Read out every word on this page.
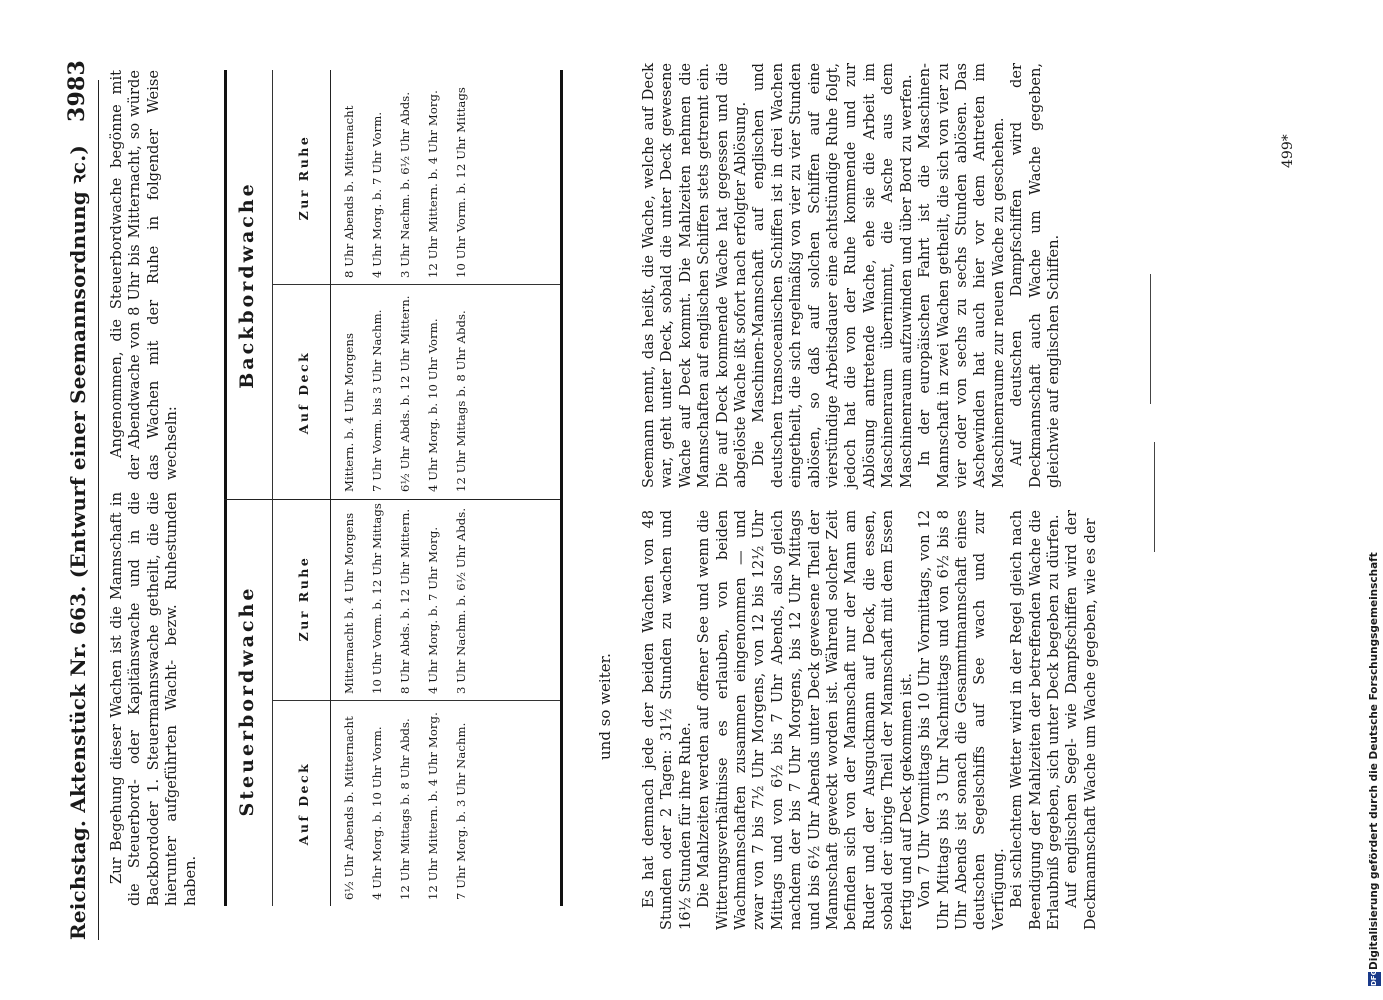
Reichstag. Aktenstück Nr. 663. (Entwurf einer Seemannsordnung ꝛc.)
3983

Zur Begehung dieser Wachen ist die Mannschaft in die Steuerbord- oder Kapitänswache und in die Backbordoder 1. Steuermannswache getheilt, die die hierunter aufgeführten Wacht- bezw. Ruhestunden haben.

Angenommen, die Steuerbordwache begönne mit der Abendwache von 8 Uhr bis Mitternacht, so würde das Wachen mit der Ruhe in folgender Weise wechseln:

Steuerbordwache	Auf Deck
Zur Ruhe
6½ Uhr Abends b. Mitternacht 4 Uhr Morg. b. 10 Uhr Vorm. 12 Uhr Mittags b. 8 Uhr Abds. 12 Uhr Mittern. b. 4 Uhr Morg. 7 Uhr Morg. b. 3 Uhr Nachm.
Mitternacht b. 4 Uhr Morgens 10 Uhr Vorm. b. 12 Uhr Mittags 8 Uhr Abds. b. 12 Uhr Mittern. 4 Uhr Morg. b. 7 Uhr Morg. 3 Uhr Nachm. b. 6½ Uhr Abds.
Backbordwache
Auf Deck
Zur Ruhe
Mittern. b. 4 Uhr Morgens 7 Uhr Vorm. bis 3 Uhr Nachm. 6½ Uhr Abds. b. 12 Uhr Mittern. 4 Uhr Morg. b. 10 Uhr Vorm. 12 Uhr Mittags b. 8 Uhr Abds.
8 Uhr Abends b. Mitternacht 4 Uhr Morg. b. 7 Uhr Vorm. 3 Uhr Nachm. b. 6½ Uhr Abds. 12 Uhr Mittern. b. 4 Uhr Morg. 10 Uhr Vorm. b. 12 Uhr Mittags
und so weiter. Es hat demnach jede der beiden Wachen von 48 Stunden oder 2 Tagen: 31½ Stunden zu wachen und 16½ Stunden für ihre Ruhe. Die Mahlzeiten werden auf offener See und wenn die Witterungsverhältnisse es erlauben, von beiden Wachmannschaften zusammen eingenommen — und zwar von 7 bis 7½ Uhr Morgens, von 12 bis 12½ Uhr Mittags und von 6½ bis 7 Uhr Abends, also gleich nachdem der bis 7 Uhr Morgens, bis 12 Uhr Mittags und bis 6½ Uhr Abends unter Deck gewesene Theil der Mannschaft geweckt worden ist. Während solcher Zeit befinden sich von der Mannschaft nur der Mann am Ruder und der Ausguckmann auf Deck, die essen, sobald der übrige Theil der Mannschaft mit dem Essen fertig und auf Deck gekommen ist. Von 7 Uhr Vormittags bis 10 Uhr Vormittags, von 12 Uhr Mittags bis 3 Uhr Nachmittags und von 6½ bis 8 Uhr Abends ist sonach die Gesammtmannschaft eines deutschen Segelschiffs auf See wach und zur Verfügung. Bei schlechtem Wetter wird in der Regel gleich nach Beendigung der Mahlzeiten der betreffenden Wache die Erlaubniß gegeben, sich unter Deck begeben zu dürfen. Auf englischen Segel- wie Dampfschiffen wird der Deckmannschaft Wache um Wache gegeben, wie es der

Seemann nennt, das heißt, die Wache, welche auf Deck war, geht unter Deck, sobald die unter Deck gewesene Wache auf Deck kommt. Die Mahlzeiten nehmen die Mannschaften auf englischen Schiffen stets getrennt ein. Die auf Deck kommende Wache hat gegessen und die abgelöste Wache ißt sofort nach erfolgter Ablösung. Die Maschinen-Mannschaft auf englischen und deutschen transoceanischen Schiffen ist in drei Wachen eingetheilt, die sich regelmäßig von vier zu vier Stunden ablösen, so daß auf solchen Schiffen auf eine vierstündige Arbeitsdauer eine achtstündige Ruhe folgt, jedoch hat die von der Ruhe kommende und zur Ablösung antretende Wache, ehe sie die Arbeit im Maschinenraum übernimmt, die Asche aus dem Maschinenraum aufzuwinden und über Bord zu werfen. In der europäischen Fahrt ist die Maschinen-Mannschaft in zwei Wachen getheilt, die sich von vier zu vier oder von sechs zu sechs Stunden ablösen. Das Aschewinden hat auch hier vor dem Antreten im Maschinenraume zur neuen Wache zu geschehen. Auf deutschen Dampfschiffen wird der Deckmannschaft auch Wache um Wache gegeben, gleichwie auf englischen Schiffen.

499*
DFG
Digitalisierung gefördert durch die Deutsche Forschungsgemeinschaft
